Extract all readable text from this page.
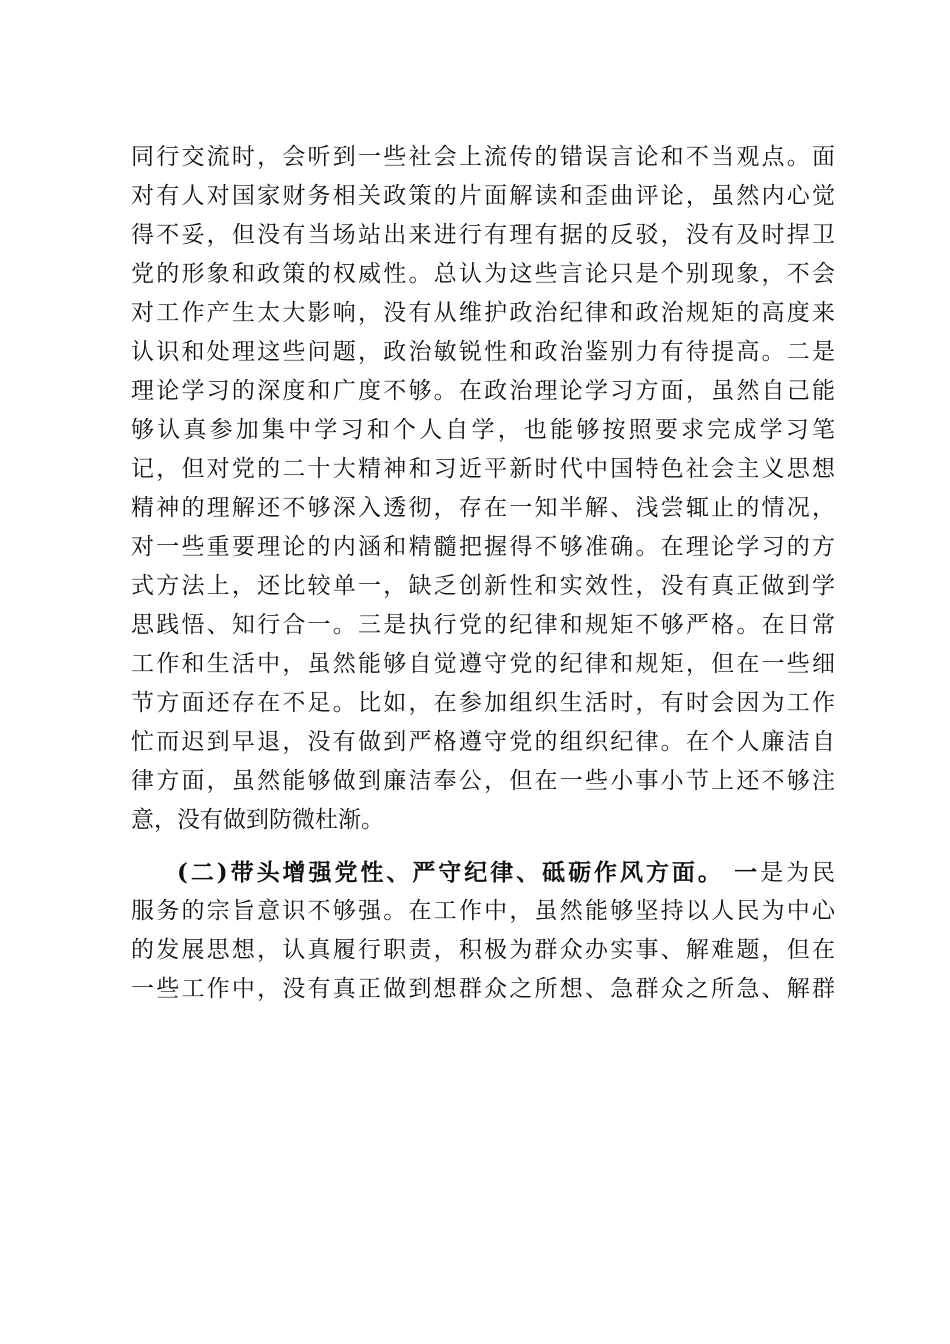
同行交流时，会听到一些社会上流传的错误言论和不当观点。面
对有人对国家财务相关政策的片面解读和歪曲评论，虽然内心觉
得不妥，但没有当场站出来进行有理有据的反驳，没有及时捍卫
党的形象和政策的权威性。总认为这些言论只是个别现象，不会
对工作产生太大影响，没有从维护政治纪律和政治规矩的高度来
认识和处理这些问题，政治敏锐性和政治鉴别力有待提高。二是
理论学习的深度和广度不够。在政治理论学习方面，虽然自己能
够认真参加集中学习和个人自学，也能够按照要求完成学习笔
记，但对党的二十大精神和习近平新时代中国特色社会主义思想
精神的理解还不够深入透彻，存在一知半解、浅尝辄止的情况，
对一些重要理论的内涵和精髓把握得不够准确。在理论学习的方
式方法上，还比较单一，缺乏创新性和实效性，没有真正做到学
思践悟、知行合一。三是执行党的纪律和规矩不够严格。在日常
工作和生活中，虽然能够自觉遵守党的纪律和规矩，但在一些细
节方面还存在不足。比如，在参加组织生活时，有时会因为工作
忙而迟到早退，没有做到严格遵守党的组织纪律。在个人廉洁自
律方面，虽然能够做到廉洁奉公，但在一些小事小节上还不够注
意，没有做到防微杜渐。
(二)带头增强党性、严守纪律、砥砺作风方面。 一是为民
服务的宗旨意识不够强。在工作中，虽然能够坚持以人民为中心
的发展思想，认真履行职责，积极为群众办实事、解难题，但在
一些工作中，没有真正做到想群众之所想、急群众之所急、解群
